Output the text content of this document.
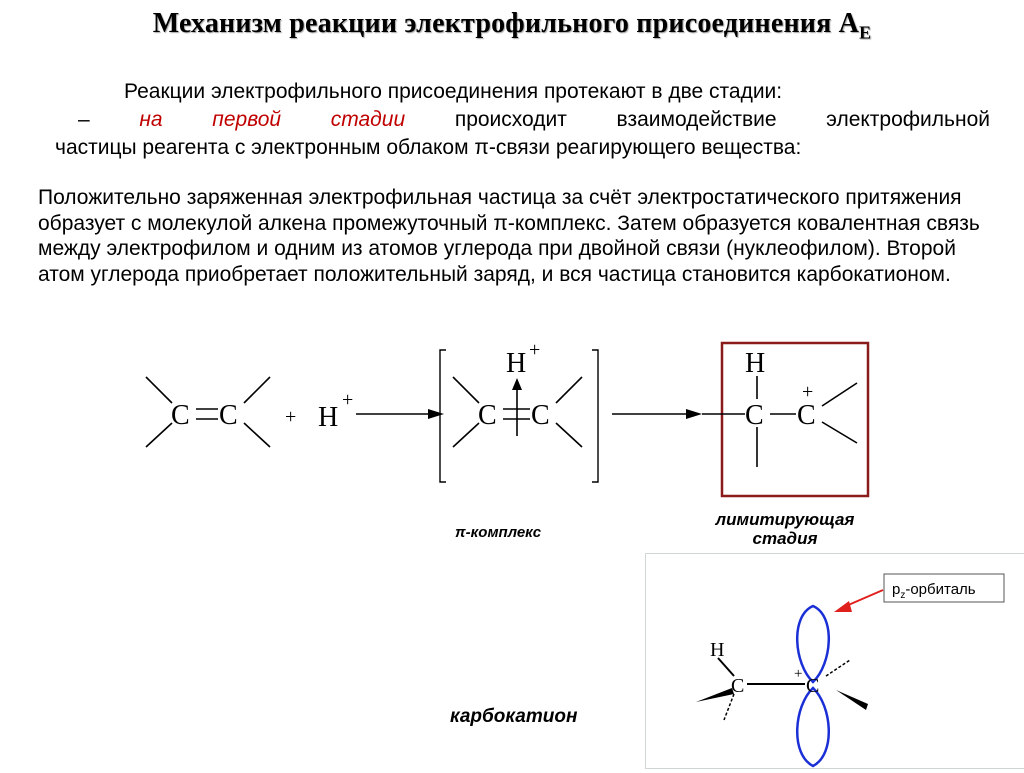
Механизм реакции электрофильного присоединения $А_E$
Реакции электрофильного присоединения протекают в две стадии:
– на первой стадии происходит взаимодействие электрофильной
частицы реагента с электронным облаком π-связи реагирующего вещества:
Положительно заряженная электрофильная частица за счёт электростатического притяжения образует с молекулой алкена промежуточный π-комплекс. Затем образуется ковалентная связь между электрофилом и одним из атомов углерода при двойной связи (нуклеофилом). Второй атом углерода приобретает положительный заряд, и вся частица становится карбокатионом.
C C + H
+	C C
H +	H
C C
+
π-комплекс
лимитирующая
стадия
карбокатион
$р_z$-орбиталь
H
C	C
+
